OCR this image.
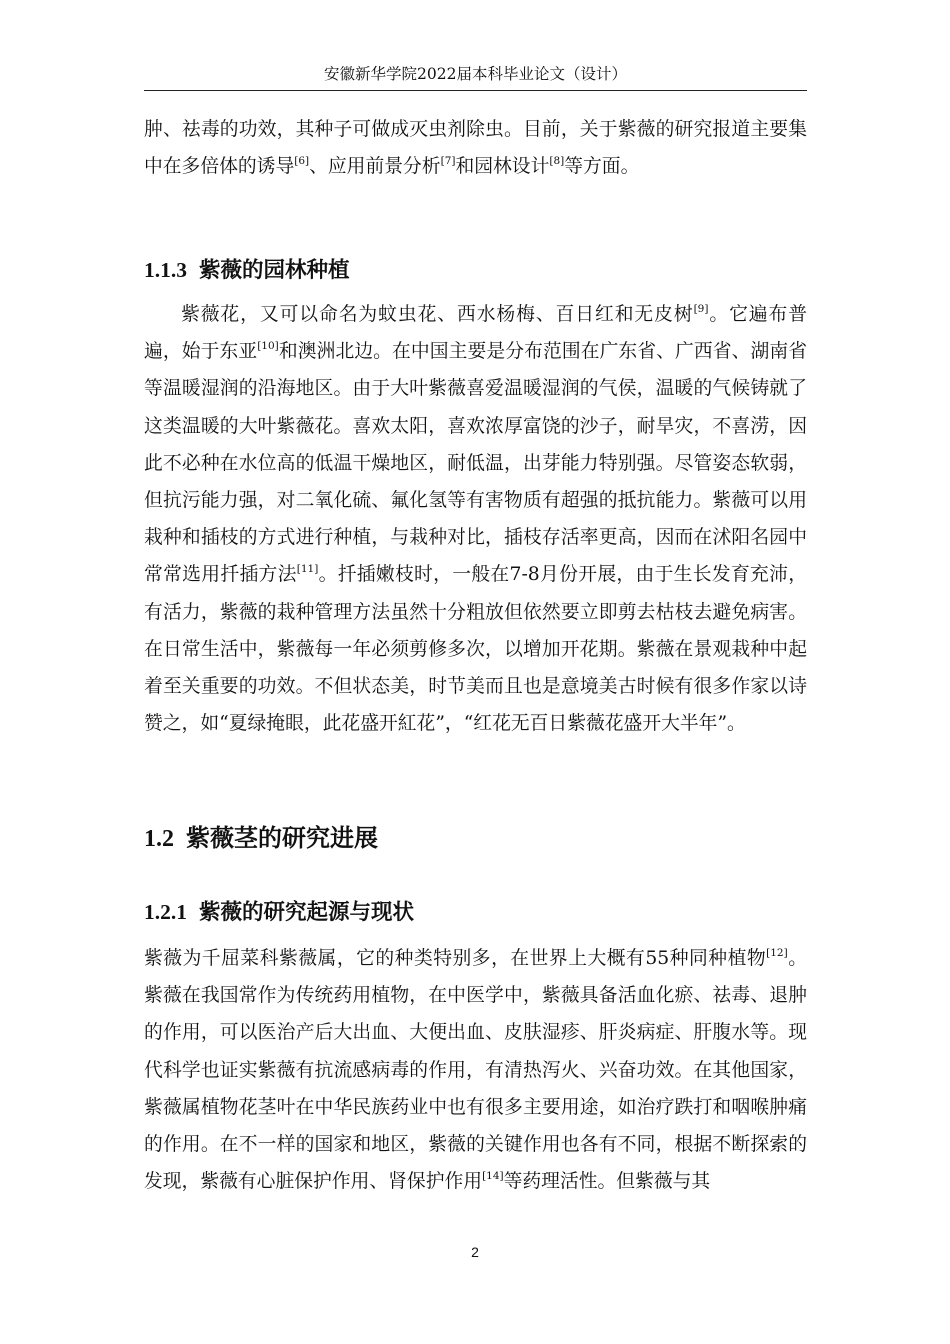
安徽新华学院2022届本科毕业论文（设计）

肿、祛毒的功效，其种子可做成灭虫剂除虫。目前，关于紫薇的研究报道主要集中在多倍体的诱导[6]、应用前景分析[7]和园林设计[8]等方面。

1.1.3 紫薇的园林种植

紫薇花，又可以命名为蚊虫花、西水杨梅、百日红和无皮树[9]。它遍布普遍，始于东亚[10]和澳洲北边。在中国主要是分布范围在广东省、广西省、湖南省等温暖湿润的沿海地区。由于大叶紫薇喜爱温暖湿润的气侯，温暖的气候铸就了这类温暖的大叶紫薇花。喜欢太阳，喜欢浓厚富饶的沙子，耐旱灾，不喜涝，因此不必种在水位高的低温干燥地区，耐低温，出芽能力特别强。尽管姿态软弱，但抗污能力强，对二氧化硫、氟化氢等有害物质有超强的抵抗能力。紫薇可以用栽种和插枝的方式进行种植，与栽种对比，插枝存活率更高，因而在沭阳名园中常常选用扦插方法[11]。扦插嫩枝时，一般在7-8月份开展，由于生长发育充沛，有活力，紫薇的栽种管理方法虽然十分粗放但依然要立即剪去枯枝去避免病害。在日常生活中，紫薇每一年必须剪修多次，以增加开花期。紫薇在景观栽种中起着至关重要的功效。不但状态美，时节美而且也是意境美古时候有很多作家以诗赞之，如“夏绿掩眼，此花盛开紅花”，“红花无百日紫薇花盛开大半年”。

1.2 紫薇茎的研究进展
1.2.1 紫薇的研究起源与现状

紫薇为千屈菜科紫薇属，它的种类特别多，在世界上大概有55种同种植物[12]。紫薇在我国常作为传统药用植物，在中医学中，紫薇具备活血化瘀、祛毒、退肿的作用，可以医治产后大出血、大便出血、皮肤湿疹、肝炎病症、肝腹水等。现代科学也证实紫薇有抗流感病毒的作用，有清热泻火、兴奋功效。在其他国家，紫薇属植物花茎叶在中华民族药业中也有很多主要用途，如治疗跌打和咽喉肿痛的作用。在不一样的国家和地区，紫薇的关键作用也各有不同，根据不断探索的发现，紫薇有心脏保护作用、肾保护作用[14]等药理活性。但紫薇与其

2
